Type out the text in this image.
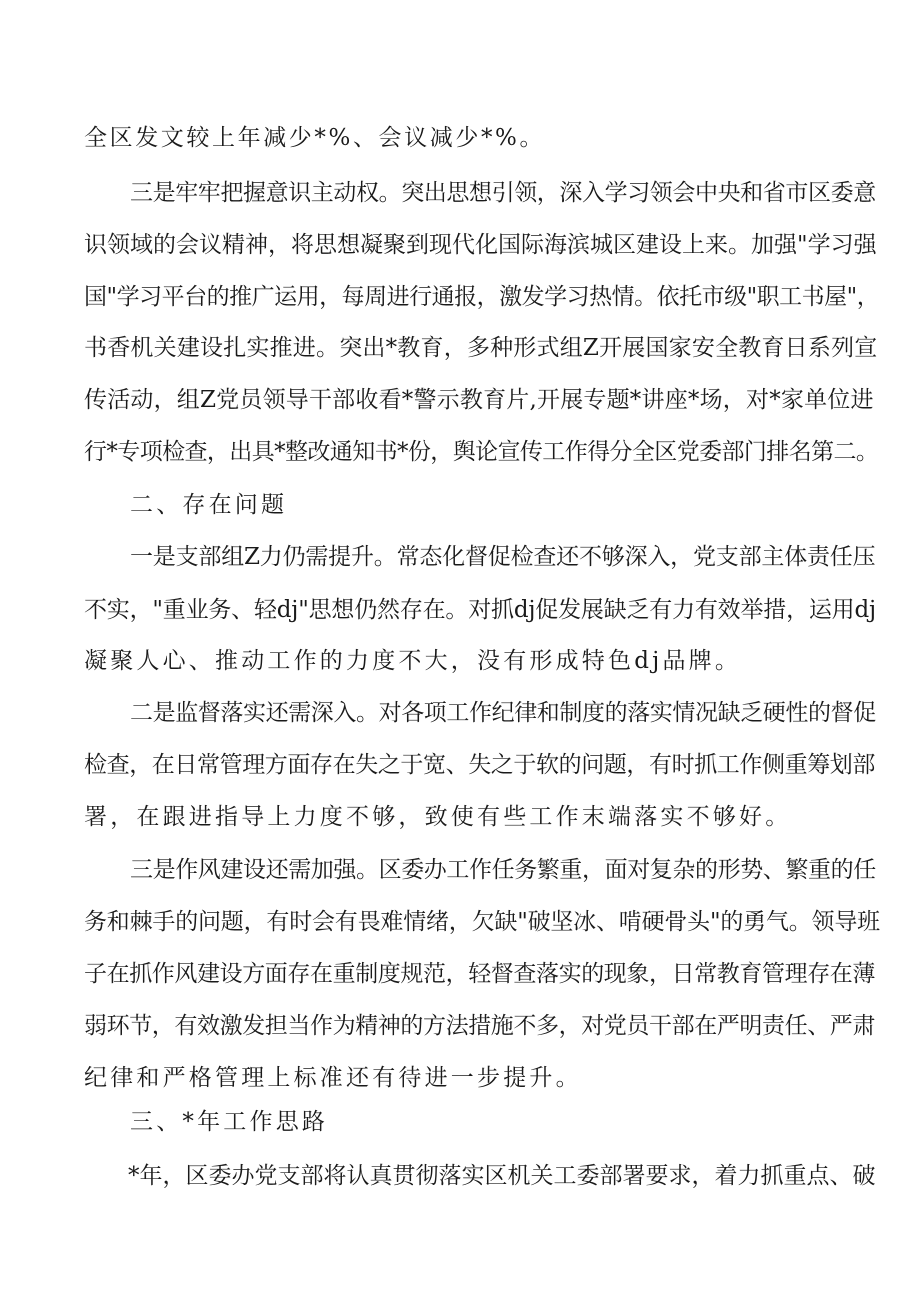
全区发文较上年减少*%、会议减少*%。
三是牢牢把握意识主动权。突出思想引领，深入学习领会中央和省市区委意
识领域的会议精神，将思想凝聚到现代化国际海滨城区建设上来。加强"学习强
国"学习平台的推广运用，每周进行通报，激发学习热情。依托市级"职工书屋"，
书香机关建设扎实推进。突出*教育，多种形式组Z开展国家安全教育日系列宣
传活动，组Z党员领导干部收看*警示教育片,开展专题*讲座*场，对*家单位进
行*专项检查，出具*整改通知书*份，舆论宣传工作得分全区党委部门排名第二。
二、存在问题
一是支部组Z力仍需提升。常态化督促检查还不够深入，党支部主体责任压
不实，"重业务、轻dj"思想仍然存在。对抓dj促发展缺乏有力有效举措，运用dj
凝聚人心、推动工作的力度不大，没有形成特色dj品牌。
二是监督落实还需深入。对各项工作纪律和制度的落实情况缺乏硬性的督促
检查，在日常管理方面存在失之于宽、失之于软的问题，有时抓工作侧重筹划部
署，在跟进指导上力度不够，致使有些工作末端落实不够好。
三是作风建设还需加强。区委办工作任务繁重，面对复杂的形势、繁重的任
务和棘手的问题，有时会有畏难情绪，欠缺"破坚冰、啃硬骨头"的勇气。领导班
子在抓作风建设方面存在重制度规范，轻督查落实的现象，日常教育管理存在薄
弱环节，有效激发担当作为精神的方法措施不多，对党员干部在严明责任、严肃
纪律和严格管理上标准还有待进一步提升。
三、*年工作思路
*年，区委办党支部将认真贯彻落实区机关工委部署要求，着力抓重点、破
